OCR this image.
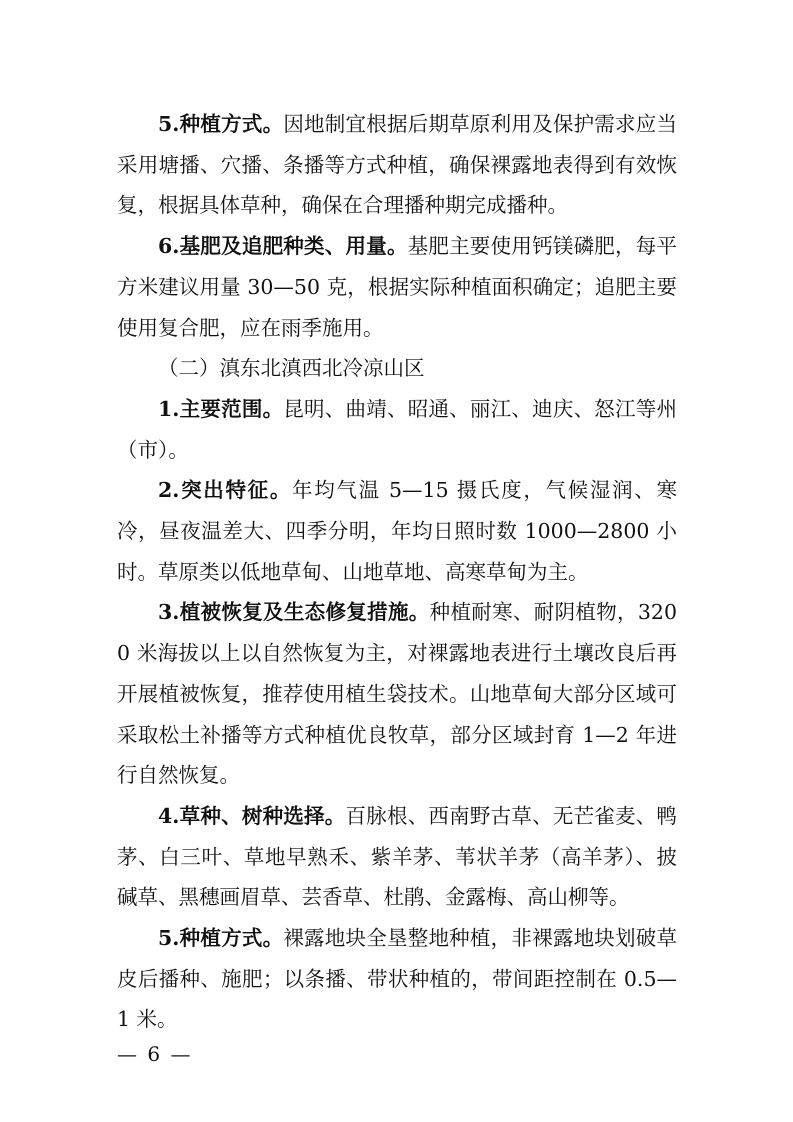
5.种植方式。因地制宜根据后期草原利用及保护需求应当采用塘播、穴播、条播等方式种植，确保裸露地表得到有效恢复，根据具体草种，确保在合理播种期完成播种。

6.基肥及追肥种类、用量。基肥主要使用钙镁磷肥，每平方米建议用量 30—50 克，根据实际种植面积确定；追肥主要使用复合肥，应在雨季施用。

（二）滇东北滇西北冷凉山区

1.主要范围。昆明、曲靖、昭通、丽江、迪庆、怒江等州（市）。

2.突出特征。年均气温 5—15 摄氏度，气候湿润、寒冷，昼夜温差大、四季分明，年均日照时数 1000—2800 小时。草原类以低地草甸、山地草地、高寒草甸为主。

3.植被恢复及生态修复措施。种植耐寒、耐阴植物，3200 米海拔以上以自然恢复为主，对裸露地表进行土壤改良后再开展植被恢复，推荐使用植生袋技术。山地草甸大部分区域可采取松土补播等方式种植优良牧草，部分区域封育 1—2 年进行自然恢复。

4.草种、树种选择。百脉根、西南野古草、无芒雀麦、鸭茅、白三叶、草地早熟禾、紫羊茅、苇状羊茅（高羊茅）、披碱草、黑穗画眉草、芸香草、杜鹃、金露梅、高山柳等。

5.种植方式。裸露地块全垦整地种植，非裸露地块划破草皮后播种、施肥；以条播、带状种植的，带间距控制在 0.5—1 米。

— 6 —
